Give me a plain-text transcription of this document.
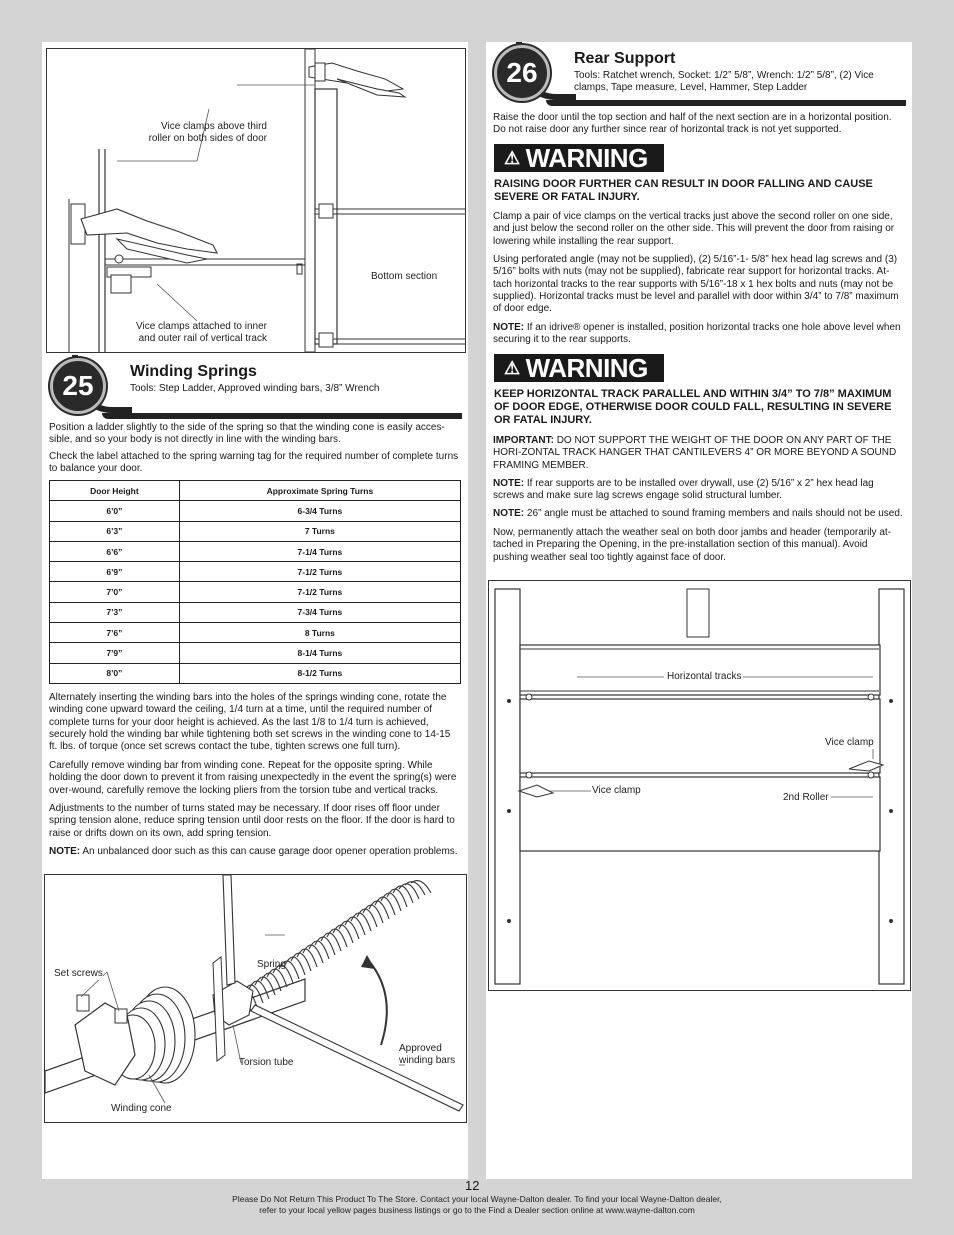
Vice clamps above third roller on both sides of door
Bottom section
Vice clamps attached to inner and outer rail of vertical track
25	Winding Springs
Tools: Step Ladder, Approved winding bars, 3/8” Wrench
Position a ladder slightly to the side of the spring so that the winding cone is easily acces-sible, and so your body is not directly in line with the winding bars.
Check the label attached to the spring warning tag for the required number of complete turns to balance your door.
Door Height	Approximate Spring Turns
6’0”	6-3/4 Turns
6’3”	7 Turns
6’6”	7-1/4 Turns
6’9”	7-1/2 Turns
7’0”	7-1/2 Turns
7’3”	7-3/4 Turns
7’6”	8 Turns
7’9”	8-1/4 Turns
8’0”	8-1/2 Turns
Alternately inserting the winding bars into the holes of the springs winding cone, rotate the winding cone upward toward the ceiling, 1/4 turn at a time, until the required number of complete turns for your door height is achieved. As the last 1/8 to 1/4 turn is achieved, securely hold the winding bar while tightening both set screws in the winding cone to 14-15 ft. lbs. of torque (once set screws contact the tube, tighten screws one full turn).
Carefully remove winding bar from winding cone. Repeat for the opposite spring. While holding the door down to prevent it from raising unexpectedly in the event the spring(s) were over-wound, carefully remove the locking pliers from the torsion tube and vertical tracks.
Adjustments to the number of turns stated may be necessary. If door rises off floor under spring tension alone, reduce spring tension until door rests on the floor. If the door is hard to raise or drifts down on its own, add spring tension.
NOTE: An unbalanced door such as this can cause garage door opener operation problems.
Spring
Set screws
Torsion tube
Approved winding bars
Winding cone
26	Rear Support
Tools: Ratchet wrench, Socket: 1/2” 5/8”, Wrench: 1/2” 5/8”, (2) Vice clamps, Tape measure, Level, Hammer, Step Ladder
Raise the door until the top section and half of the next section are in a horizontal position. Do not raise door any further since rear of horizontal track is not yet supported.
⚠ WARNING
RAISING DOOR FURTHER CAN RESULT IN DOOR FALLING AND CAUSE SEVERE OR FATAL INJURY.
Clamp a pair of vice clamps on the vertical tracks just above the second roller on one side, and just below the second roller on the other side. This will prevent the door from raising or lowering while installing the rear support.
Using perforated angle (may not be supplied), (2) 5/16”-1- 5/8” hex head lag screws and (3) 5/16” bolts with nuts (may not be supplied), fabricate rear support for horizontal tracks. At-tach horizontal tracks to the rear supports with 5/16”-18 x 1 hex bolts and nuts (may not be supplied). Horizontal tracks must be level and parallel with door within 3/4” to 7/8” maximum of door edge.
NOTE: If an idrive® opener is installed, position horizontal tracks one hole above level when securing it to the rear supports.
⚠ WARNING
KEEP HORIZONTAL TRACK PARALLEL AND WITHIN 3/4” TO 7/8” MAXIMUM OF DOOR EDGE, OTHERWISE DOOR COULD FALL, RESULTING IN SEVERE OR FATAL INJURY.
IMPORTANT: DO NOT SUPPORT THE WEIGHT OF THE DOOR ON ANY PART OF THE HORI-ZONTAL TRACK HANGER THAT CANTILEVERS 4” OR MORE BEYOND A SOUND FRAMING MEMBER.
NOTE: If rear supports are to be installed over drywall, use (2) 5/16” x 2” hex head lag screws and make sure lag screws engage solid structural lumber.
NOTE: 26” angle must be attached to sound framing members and nails should not be used.
Now, permanently attach the weather seal on both door jambs and header (temporarily at-tached in Preparing the Opening, in the pre-installation section of this manual). Avoid pushing weather seal too tightly against face of door.
Horizontal tracks
Vice clamp
Vice clamp
2nd Roller
12
Please Do Not Return This Product To The Store. Contact your local Wayne-Dalton dealer. To find your local Wayne-Dalton dealer,
refer to your local yellow pages business listings or go to the Find a Dealer section online at www.wayne-dalton.com
